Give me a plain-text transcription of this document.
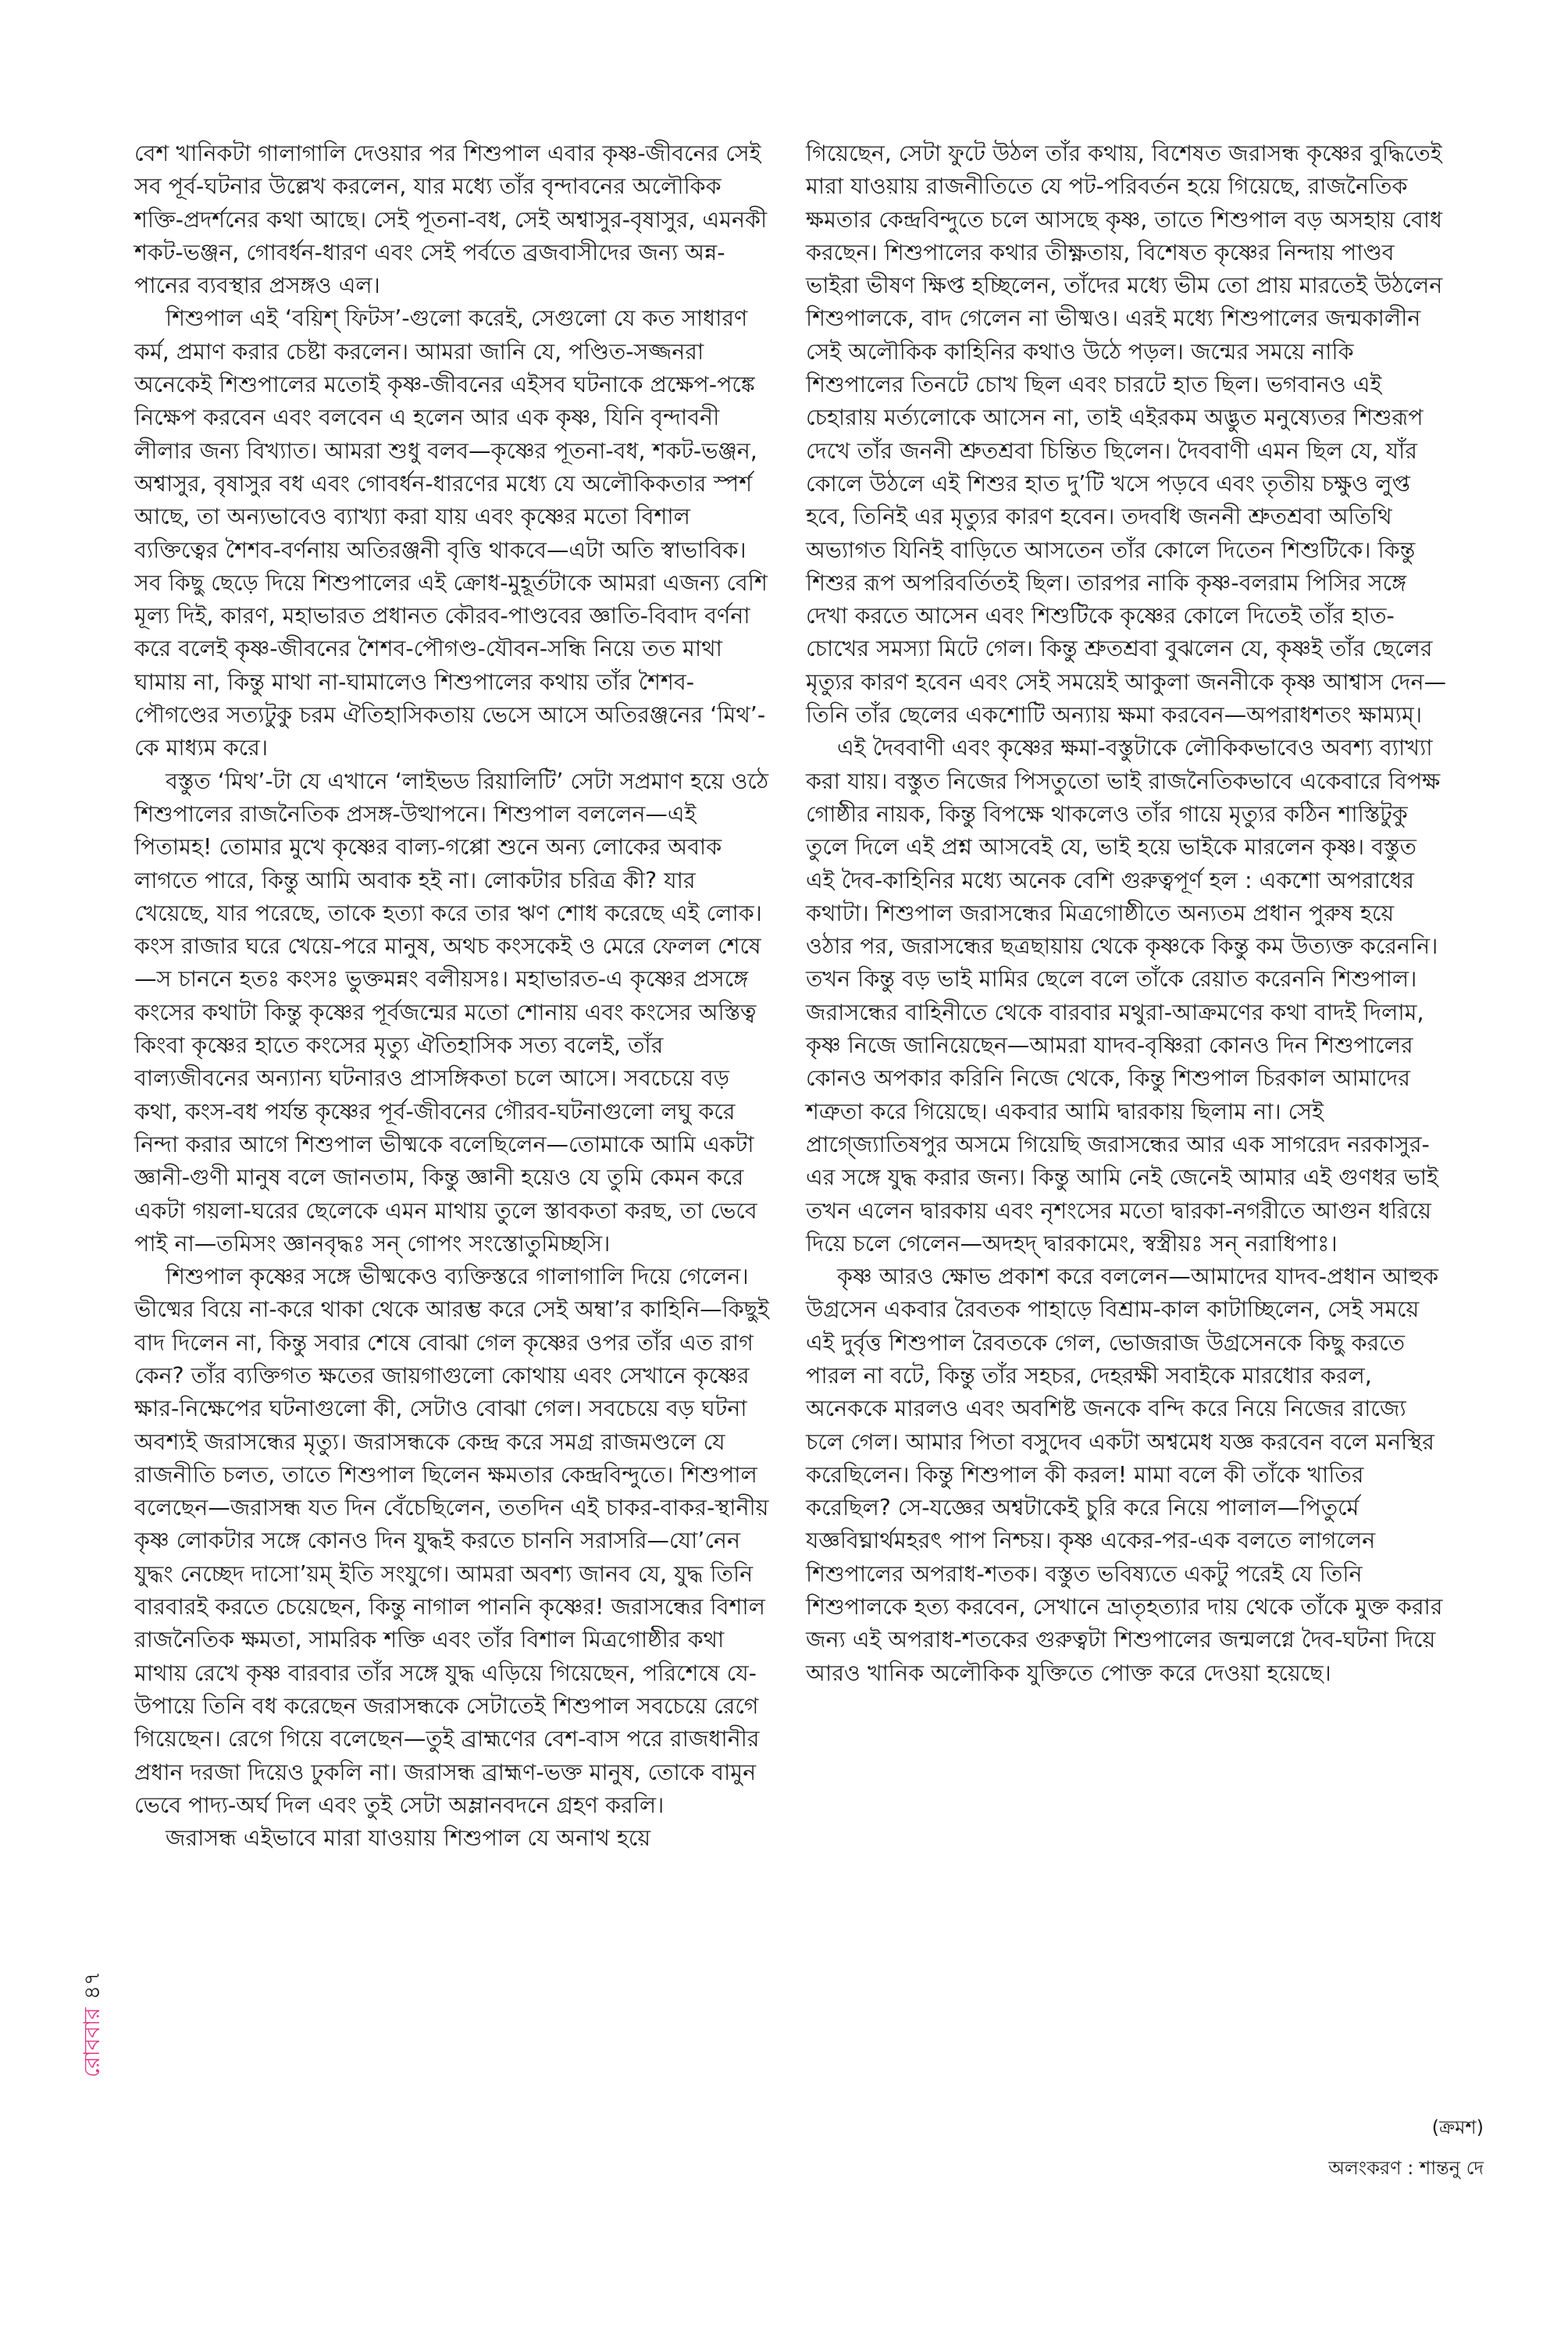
বেশ খানিকটা গালাগালি দেওয়ার পর শিশুপাল এবার কৃষ্ণ-জীবনের সেই সব পূর্ব-ঘটনার উল্লেখ করলেন, যার মধ্যে তাঁর বৃন্দাবনের অলৌকিক শক্তি-প্রদর্শনের কথা আছে। সেই পূতনা-বধ, সেই অশ্বাসুর-বৃষাসুর, এমনকী শকট-ভঞ্জন, গোবর্ধন-ধারণ এবং সেই পর্বতে ব্রজবাসীদের জন্য অন্ন-পানের ব্যবস্থার প্রসঙ্গও এল।

শিশুপাল এই ‘বয়িশ্‌ ফিটস’-গুলো করেই, সেগুলো যে কত সাধারণ কর্ম, প্রমাণ করার চেষ্টা করলেন। আমরা জানি যে, পণ্ডিত-সজ্জনরা অনেকেই শিশুপালের মতোই কৃষ্ণ-জীবনের এইসব ঘটনাকে প্রক্ষেপ-পঙ্কে নিক্ষেপ করবেন এবং বলবেন এ হলেন আর এক কৃষ্ণ, যিনি বৃন্দাবনী লীলার জন্য বিখ্যাত। আমরা শুধু বলব—কৃষ্ণের পূতনা-বধ, শকট-ভঞ্জন, অশ্বাসুর, বৃষাসুর বধ এবং গোবর্ধন-ধারণের মধ্যে যে অলৌকিকতার স্পর্শ আছে, তা অন্যভাবেও ব্যাখ্যা করা যায় এবং কৃষ্ণের মতো বিশাল ব্যক্তিত্বের শৈশব-বর্ণনায় অতিরঞ্জনী বৃত্তি থাকবে—এটা অতি স্বাভাবিক। সব কিছু ছেড়ে দিয়ে শিশুপালের এই ক্রোধ-মুহূর্তটাকে আমরা এজন্য বেশি মূল্য দিই, কারণ, মহাভারত প্রধানত কৌরব-পাণ্ডবের জ্ঞাতি-বিবাদ বর্ণনা করে বলেই কৃষ্ণ-জীবনের শৈশব-পৌগণ্ড-যৌবন-সন্ধি নিয়ে তত মাথা ঘামায় না, কিন্তু মাথা না-ঘামালেও শিশুপালের কথায় তাঁর শৈশব-পৌগণ্ডের সত্যটুকু চরম ঐতিহাসিকতায় ভেসে আসে অতিরঞ্জনের ‘মিথ’-কে মাধ্যম করে।

বস্তুত ‘মিথ’-টা যে এখানে ‘লাইভড রিয়ালিটি’ সেটা সপ্রমাণ হয়ে ওঠে শিশুপালের রাজনৈতিক প্রসঙ্গ-উত্থাপনে। শিশুপাল বললেন—এই পিতামহ! তোমার মুখে কৃষ্ণের বাল্য-গপ্পো শুনে অন্য লোকের অবাক লাগতে পারে, কিন্তু আমি অবাক হই না। লোকটার চরিত্র কী? যার খেয়েছে, যার পরেছে, তাকে হত্যা করে তার ঋণ শোধ করেছে এই লোক। কংস রাজার ঘরে খেয়ে-পরে মানুষ, অথচ কংসকেই ও মেরে ফেলল শেষে—স চাননে হতঃ কংসঃ ভুক্তমন্নং বলীয়সঃ। মহাভারত-এ কৃষ্ণের প্রসঙ্গে কংসের কথাটা কিন্তু কৃষ্ণের পূর্বজন্মের মতো শোনায় এবং কংসের অস্তিত্ব কিংবা কৃষ্ণের হাতে কংসের মৃত্যু ঐতিহাসিক সত্য বলেই, তাঁর বাল্যজীবনের অন্যান্য ঘটনারও প্রাসঙ্গিকতা চলে আসে। সবচেয়ে বড় কথা, কংস-বধ পর্যন্ত কৃষ্ণের পূর্ব-জীবনের গৌরব-ঘটনাগুলো লঘু করে নিন্দা করার আগে শিশুপাল ভীষ্মকে বলেছিলেন—তোমাকে আমি একটা জ্ঞানী-গুণী মানুষ বলে জানতাম, কিন্তু জ্ঞানী হয়েও যে তুমি কেমন করে একটা গয়লা-ঘরের ছেলেকে এমন মাথায় তুলে স্তাবকতা করছ, তা ভেবে পাই না—তমিসং জ্ঞানবৃদ্ধঃ সন্‌ গোপং সংস্তোতুমিচ্ছসি।

শিশুপাল কৃষ্ণের সঙ্গে ভীষ্মকেও ব্যক্তিস্তরে গালাগালি দিয়ে গেলেন। ভীষ্মের বিয়ে না-করে থাকা থেকে আরম্ভ করে সেই অম্বা’র কাহিনি—কিছুই বাদ দিলেন না, কিন্তু সবার শেষে বোঝা গেল কৃষ্ণের ওপর তাঁর এত রাগ কেন? তাঁর ব্যক্তিগত ক্ষতের জায়গাগুলো কোথায় এবং সেখানে কৃষ্ণের ক্ষার-নিক্ষেপের ঘটনাগুলো কী, সেটাও বোঝা গেল। সবচেয়ে বড় ঘটনা অবশ্যই জরাসন্ধের মৃত্যু। জরাসন্ধকে কেন্দ্র করে সমগ্র রাজমণ্ডলে যে রাজনীতি চলত, তাতে শিশুপাল ছিলেন ক্ষমতার কেন্দ্রবিন্দুতে। শিশুপাল বলেছেন—জরাসন্ধ যত দিন বেঁচেছিলেন, ততদিন এই চাকর-বাকর-স্থানীয় কৃষ্ণ লোকটার সঙ্গে কোনও দিন যুদ্ধই করতে চাননি সরাসরি—যো’নেন যুদ্ধং নেচ্ছেদ দাসো’য়ম্‌ ইতি সংযুগে। আমরা অবশ্য জানব যে, যুদ্ধ তিনি বারবারই করতে চেয়েছেন, কিন্তু নাগাল পাননি কৃষ্ণের! জরাসন্ধের বিশাল রাজনৈতিক ক্ষমতা, সামরিক শক্তি এবং তাঁর বিশাল মিত্রগোষ্ঠীর কথা মাথায় রেখে কৃষ্ণ বারবার তাঁর সঙ্গে যুদ্ধ এড়িয়ে গিয়েছেন, পরিশেষে যে-উপায়ে তিনি বধ করেছেন জরাসন্ধকে সেটাতেই শিশুপাল সবচেয়ে রেগে গিয়েছেন। রেগে গিয়ে বলেছেন—তুই ব্রাহ্মণের বেশ-বাস পরে রাজধানীর প্রধান দরজা দিয়েও ঢুকলি না। জরাসন্ধ ব্রাহ্মণ-ভক্ত মানুষ, তোকে বামুন ভেবে পাদ্য-অর্ঘ দিল এবং তুই সেটা অম্লানবদনে গ্রহণ করলি।

জরাসন্ধ এইভাবে মারা যাওয়ায় শিশুপাল যে অনাথ হয়ে

গিয়েছেন, সেটা ফুটে উঠল তাঁর কথায়, বিশেষত জরাসন্ধ কৃষ্ণের বুদ্ধিতেই মারা যাওয়ায় রাজনীতিতে যে পট-পরিবর্তন হয়ে গিয়েছে, রাজনৈতিক ক্ষমতার কেন্দ্রবিন্দুতে চলে আসছে কৃষ্ণ, তাতে শিশুপাল বড় অসহায় বোধ করছেন। শিশুপালের কথার তীক্ষ্ণতায়, বিশেষত কৃষ্ণের নিন্দায় পাণ্ডব ভাইরা ভীষণ ক্ষিপ্ত হচ্ছিলেন, তাঁদের মধ্যে ভীম তো প্রায় মারতেই উঠলেন শিশুপালকে, বাদ গেলেন না ভীষ্মও। এরই মধ্যে শিশুপালের জন্মকালীন সেই অলৌকিক কাহিনির কথাও উঠে পড়ল। জন্মের সময়ে নাকি শিশুপালের তিনটে চোখ ছিল এবং চারটে হাত ছিল। ভগবানও এই চেহারায় মর্ত্যলোকে আসেন না, তাই এইরকম অদ্ভুত মনুষ্যেতর শিশুরূপ দেখে তাঁর জননী শ্রুতশ্রবা চিন্তিত ছিলেন। দৈববাণী এমন ছিল যে, যাঁর কোলে উঠলে এই শিশুর হাত দু’টি খসে পড়বে এবং তৃতীয় চক্ষুও লুপ্ত হবে, তিনিই এর মৃত্যুর কারণ হবেন। তদবধি জননী শ্রুতশ্রবা অতিথি অভ্যাগত যিনিই বাড়িতে আসতেন তাঁর কোলে দিতেন শিশুটিকে। কিন্তু শিশুর রূপ অপরিবর্তিতই ছিল। তারপর নাকি কৃষ্ণ-বলরাম পিসির সঙ্গে দেখা করতে আসেন এবং শিশুটিকে কৃষ্ণের কোলে দিতেই তাঁর হাত-চোখের সমস্যা মিটে গেল। কিন্তু শ্রুতশ্রবা বুঝলেন যে, কৃষ্ণই তাঁর ছেলের মৃত্যুর কারণ হবেন এবং সেই সময়েই আকুলা জননীকে কৃষ্ণ আশ্বাস দেন—তিনি তাঁর ছেলের একশোটি অন্যায় ক্ষমা করবেন—অপরাধশতং ক্ষাম্যম্‌।

এই দৈববাণী এবং কৃষ্ণের ক্ষমা-বস্তুটাকে লৌকিকভাবেও অবশ্য ব্যাখ্যা করা যায়। বস্তুত নিজের পিসতুতো ভাই রাজনৈতিকভাবে একেবারে বিপক্ষ গোষ্ঠীর নায়ক, কিন্তু বিপক্ষে থাকলেও তাঁর গায়ে মৃত্যুর কঠিন শাস্তিটুকু তুলে দিলে এই প্রশ্ন আসবেই যে, ভাই হয়ে ভাইকে মারলেন কৃষ্ণ। বস্তুত এই দৈব-কাহিনির মধ্যে অনেক বেশি গুরুত্বপূর্ণ হল : একশো অপরাধের কথাটা। শিশুপাল জরাসন্ধের মিত্রগোষ্ঠীতে অন্যতম প্রধান পুরুষ হয়ে ওঠার পর, জরাসন্ধের ছত্রছায়ায় থেকে কৃষ্ণকে কিন্তু কম উত্যক্ত করেননি। তখন কিন্তু বড় ভাই মামির ছেলে বলে তাঁকে রেয়াত করেননি শিশুপাল। জরাসন্ধের বাহিনীতে থেকে বারবার মথুরা-আক্রমণের কথা বাদই দিলাম, কৃষ্ণ নিজে জানিয়েছেন—আমরা যাদব-বৃষ্ণিরা কোনও দিন শিশুপালের কোনও অপকার করিনি নিজে থেকে, কিন্তু শিশুপাল চিরকাল আমাদের শত্রুতা করে গিয়েছে। একবার আমি দ্বারকায় ছিলাম না। সেই প্রাগ্জ্যোতিষপুর অসমে গিয়েছি জরাসন্ধের আর এক সাগরেদ নরকাসুর-এর সঙ্গে যুদ্ধ করার জন্য। কিন্তু আমি নেই জেনেই আমার এই গুণধর ভাই তখন এলেন দ্বারকায় এবং নৃশংসের মতো দ্বারকা-নগরীতে আগুন ধরিয়ে দিয়ে চলে গেলেন—অদহদ্‌ দ্বারকামেং, স্বস্ত্রীয়ঃ সন্‌ নরাধিপাঃ।

কৃষ্ণ আরও ক্ষোভ প্রকাশ করে বললেন—আমাদের যাদব-প্রধান আহুক উগ্রসেন একবার রৈবতক পাহাড়ে বিশ্রাম-কাল কাটাচ্ছিলেন, সেই সময়ে এই দুর্বৃত্ত শিশুপাল রৈবতকে গেল, ভোজরাজ উগ্রসেনকে কিছু করতে পারল না বটে, কিন্তু তাঁর সহচর, দেহরক্ষী সবাইকে মারধোর করল, অনেককে মারলও এবং অবশিষ্ট জনকে বন্দি করে নিয়ে নিজের রাজ্যে চলে গেল। আমার পিতা বসুদেব একটা অশ্বমেধ যজ্ঞ করবেন বলে মনস্থির করেছিলেন। কিন্তু শিশুপাল কী করল! মামা বলে কী তাঁকে খাতির করেছিল? সে-যজ্ঞের অশ্বটাকেই চুরি করে নিয়ে পালাল—পিতুর্মে যজ্ঞবিঘ্নার্থমহরৎ পাপ নিশ্চয়। কৃষ্ণ একের-পর-এক বলতে লাগলেন শিশুপালের অপরাধ-শতক। বস্তুত ভবিষ্যতে একটু পরেই যে তিনি শিশুপালকে হত্য করবেন, সেখানে ভ্রাতৃহত্যার দায় থেকে তাঁকে মুক্ত করার জন্য এই অপরাধ-শতকের গুরুত্বটা শিশুপালের জন্মলগ্নে দৈব-ঘটনা দিয়ে আরও খানিক অলৌকিক যুক্তিতে পোক্ত করে দেওয়া হয়েছে।

(ক্রমশ)
অলংকরণ : শান্তনু দে
রোববার৪৭
